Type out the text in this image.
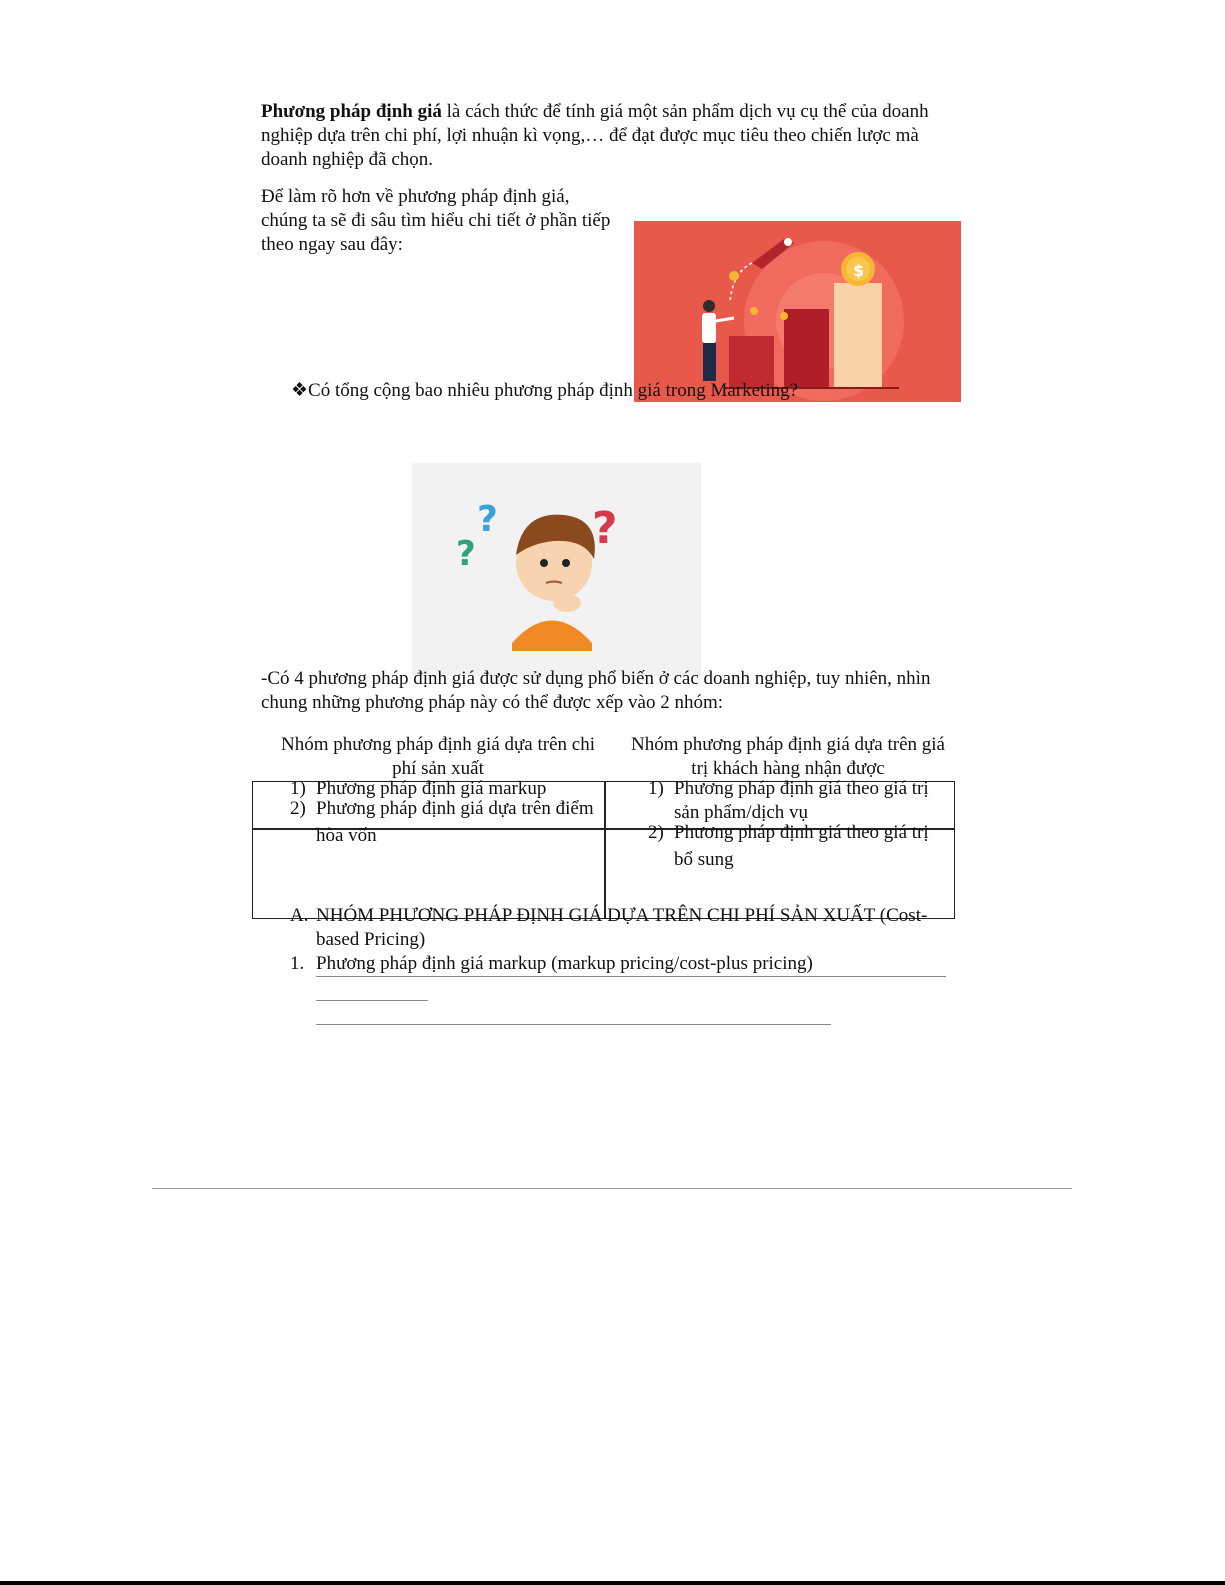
Phương pháp định giá là cách thức để tính giá một sản phẩm dịch vụ cụ thể của doanh
nghiệp dựa trên chi phí, lợi nhuận kì vọng,… để đạt được mục tiêu theo chiến lược mà
doanh nghiệp đã chọn.
Để làm rõ hơn về phương pháp định giá,
chúng ta sẽ đi sâu tìm hiểu chi tiết ở phần tiếp
theo ngay sau đây:
$
❖Có tổng cộng bao nhiêu phương pháp định giá trong Marketing?
?
?	?
-Có 4 phương pháp định giá được sử dụng phổ biến ở các doanh nghiệp, tuy nhiên, nhìn
chung những phương pháp này có thể được xếp vào 2 nhóm:
Nhóm phương pháp định giá dựa trên chi
phí sản xuất
Nhóm phương pháp định giá dựa trên giá
trị khách hàng nhận được
1) Phương pháp định giá markup
2) Phương pháp định giá dựa trên điểm
hòa vốn
1) Phương pháp định giá theo giá trị
sản phẩm/dịch vụ
2) Phương pháp định giá theo giá trị
bổ sung
A. NHÓM PHƯƠNG PHÁP ĐỊNH GIÁ DỰA TRÊN CHI PHÍ SẢN XUẤT (Cost-
based Pricing)
1. Phương pháp định giá markup (markup pricing/cost-plus pricing)
